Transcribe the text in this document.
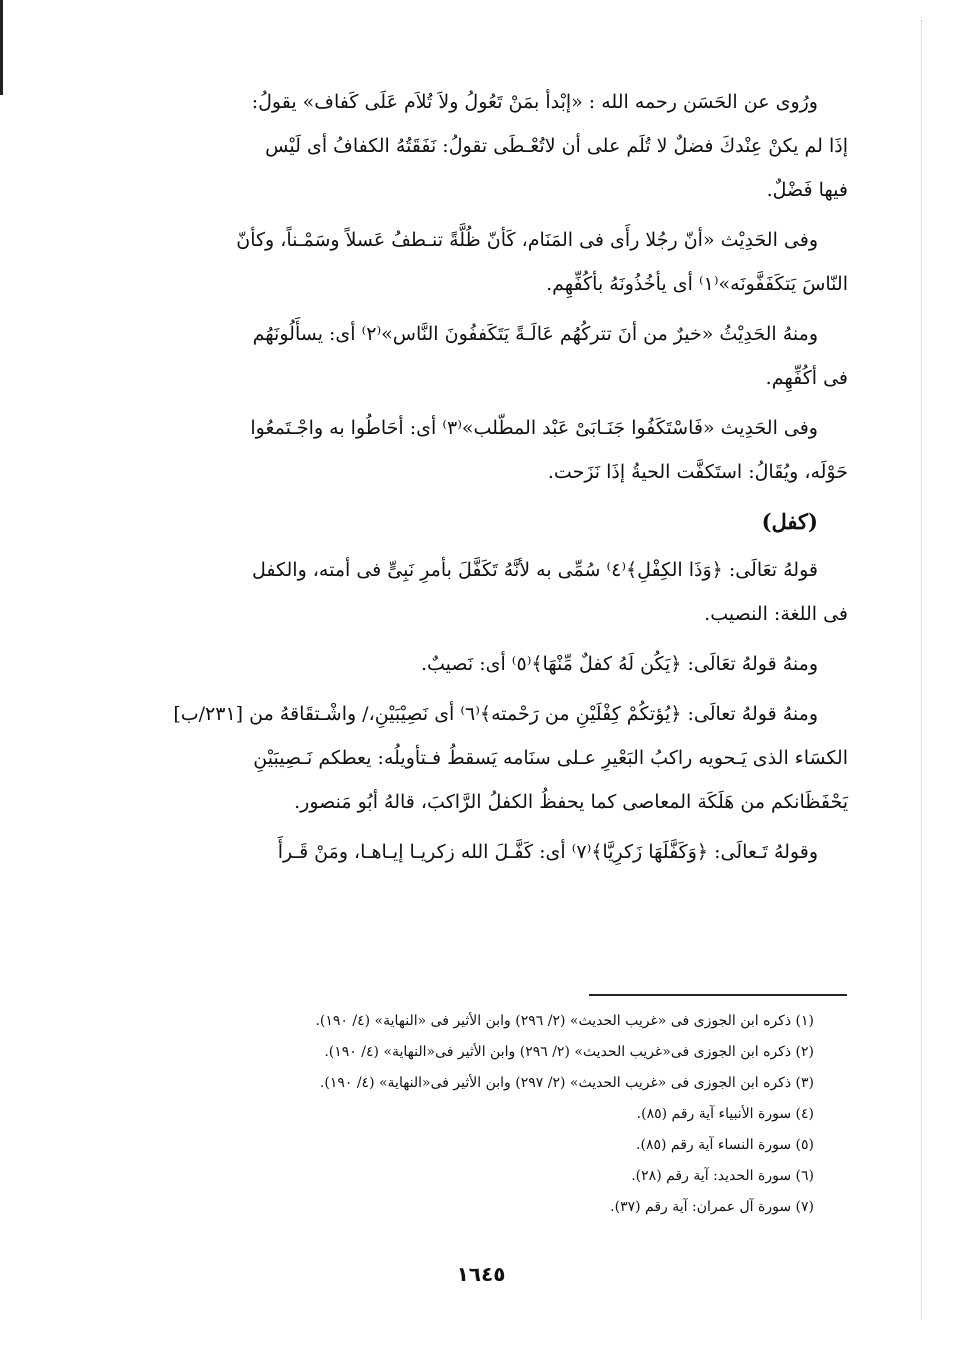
ورُوى عن الحَسَن رحمه الله : «إبْدأ بمَنْ تَعُولُ ولاَ تُلاَم عَلَى كَفاف» يقولُ:
إذَا لم يكنْ عِنْدكَ فضلٌ لا تُلَم على أن لاتُعْـطَى تقولُ: نَفَقَتُهُ الكفافُ أى لَيْس
فيها فَضْلٌ.

وفى الحَدِيْث «أنّ رجُلا رأَى فى المَنَام، كَأنّ ظُلَّةً تنـطفُ عَسلاً وسَمْـناً، وكأنّ
النّاسَ يَتكَفَفَّونَه»⁽١⁾ أى يأخُذُونَهُ بأكُفِّهِم.

ومنهُ الحَدِيْثُ «خيرٌ من أنَ تتركُهُم عَالَـةً يَتَكَففُونَ النَّاس»⁽٢⁾ أى: يسأَلُونَهُم
فى أكُفِّهِم.

وفى الحَدِيث «فَاسْتَكَفُوا جَنَـابَىْ عَبْد المطّلب»⁽٣⁾ أى: أحَاطُوا به واجْـتَمعُوا
حَوْلَه، ويُقَالُ: استَكفَّت الحيةُ إذَا نَزَحت.

(كفل)

قولهُ تعَالَى: ﴿وَذَا الكِفْلِ﴾⁽٤⁾ سُمِّى به لأنَّهُ تَكَفَّلَ بأمرِ نَبِىٍّ فى أمته، والكفل
فى اللغة: النصيب.

ومنهُ قولهُ تعَالَى: ﴿يَكُن لَهُ كفلٌ مِّنْهَا﴾⁽٥⁾ أى: نَصيبٌ.

ومنهُ قولهُ تعالَى: ﴿يُؤتكُمْ كِفْلَيْنِ من رَحْمته﴾⁽٦⁾ أى نَصِيْبَيْنِ،/ واشْـتقَاقهُ من [٢٣١/ب]
الكسَاء الذى يَـحويه راكبُ البَعْيرِ عـلى سنَامه يَسقطُ فـتأويلُه: يعطكم نَـصِيبَيْنِ
يَحْفَظَانكم من هَلَكَة المعاصى كما يحفظُ الكفلُ الرَّاكبَ، قالهُ أبُو مَنصور.

وقولهُ تَـعالَى: ﴿وَكَفَّلَهَا زَكرِيَّا﴾⁽٧⁾ أى: كَفَّـلَ الله زكريـا إيـاهـا، ومَنْ قَـرأَ

(١) ذكره ابن الجوزى فى «غريب الحديث» (٢/ ٢٩٦) وابن الأثير فى «النهاية» (٤/ ١٩٠).
(٢) ذكره ابن الجوزى فى«غريب الحديث» (٢/ ٢٩٦) وابن الأثير فى«النهاية» (٤/ ١٩٠).
(٣) ذكره ابن الجوزى فى «غريب الحديث» (٢/ ٢٩٧) وابن الأثير فى«النهاية» (٤/ ١٩٠).
(٤) سورة الأنبياء آية رقم (٨٥).
(٥) سورة النساء آية رقم (٨٥).
(٦) سورة الحديد: آية رقم (٢٨).
(٧) سورة آل عمران: آية رقم (٣٧).
١٦٤٥
